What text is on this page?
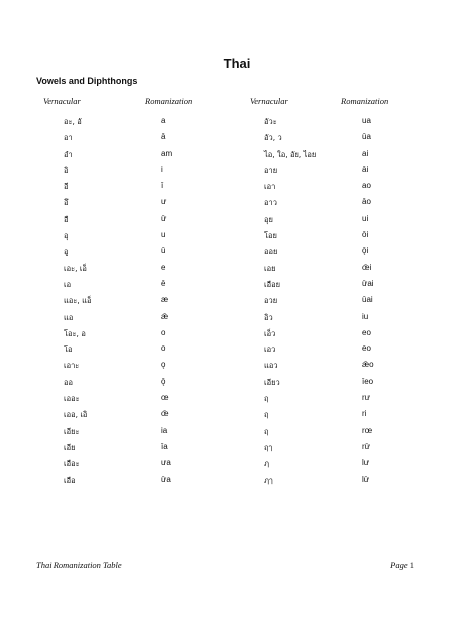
Thai
Vowels and Diphthongs
Vernacular	Romanization	Vernacular	Romanization
อะ, อั	a	อัวะ	ua
อา	ā	อัว, ว	ūa
อำ	am	ไอ, ใอ, อัย, ไอย	ai
อิ	i	อาย	āi
อี	ī	เอา	ao
อึ	ư	อาว	āo
อื	ư̄	อุย	ui
อุ	u	โอย	ōi
อู	ū	ออย	ǭi
เอะ, เอ็	e	เอย	œ̄i
เอ	ē	เอือย	ư̄ai
แอะ, แอ็	æ	อวย	ūai
แอ	ǣ	อิว	iu
โอะ, อ	o	เอ็ว	eo
โอ	ō	เอว	ēo
เอาะ	ǫ	แอว	ǣo
ออ	ǭ	เอียว	īeo
เออะ	œ	ฤ	rư
เออ, เอิ	œ̄	ฤ	ri
เอียะ	ia	ฤ	rœ
เอีย	īa	ฤๅ	rư̄
เอือะ	ưa	ฦ	lư
เอือ	ư̄a	ฦๅ	lư̄
Thai Romanization Table	Page 1
